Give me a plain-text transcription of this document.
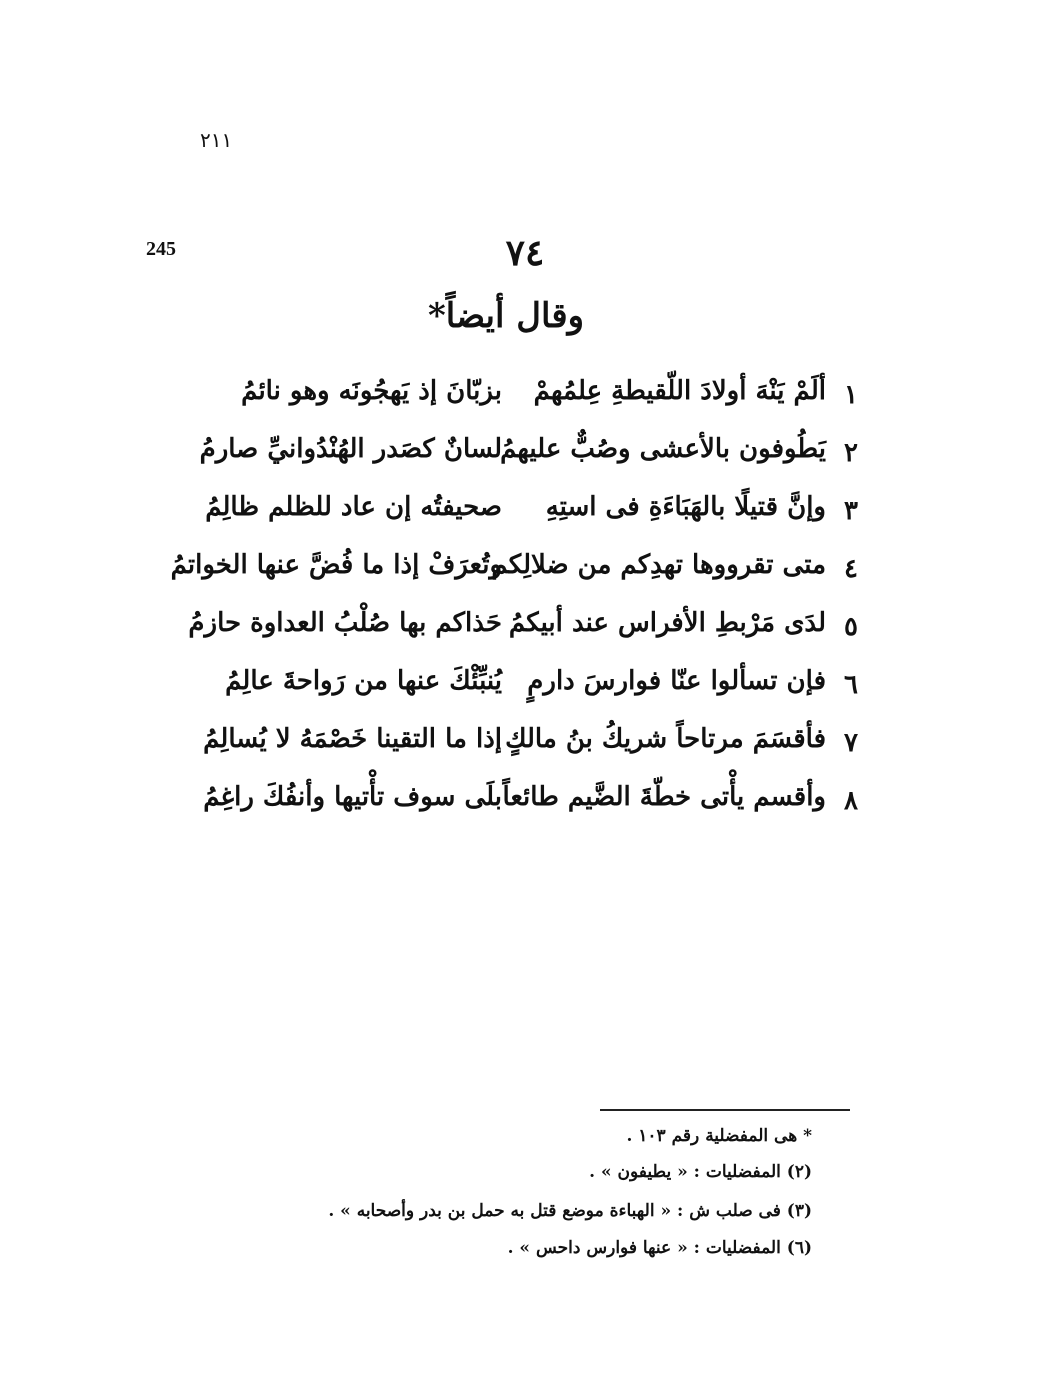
٢١١
245	٧٤
وقال أيضاً*
١
ألَمْ يَنْهَ أولادَ اللّقيطةِ عِلمُهمْ
بزبّانَ إذ يَهجُونَه وهو نائمُ
٢
يَطُوفون بالأعشى وصُبٌّ عليهمُ
لسانٌ كصَدر الهُنْدُوانيِّ صارمُ
٣
وإنَّ قتيلًا بالهَبَاءَةِ فى استِهِ
صحيفتُه إن عاد للظلم ظالِمُ
٤
متى تقرووها تهدِكم من ضلالِكم
وتُعرَفْ إذا ما فُضَّ عنها الخواتمُ
٥
لدَى مَرْبطِ الأفراس عند أبيكمُ
حَذاكم بها صُلْبُ العداوة حازمُ
٦
فإن تسألوا عنّا فوارسَ دارمٍ
يُنبِّئْكَ عنها من رَواحةَ عالِمُ
٧
فأقسَمَ مرتاحاً شريكُ بنُ مالكٍ
إذا ما التقينا خَصْمَهُ لا يُسالِمُ
٨
وأقسم يأْتى خطّةَ الضَّيم طائعاً
بلَى سوف تأْتيها وأنفُكَ راغِمُ
* هى المفضلية رقم ١٠٣ .
(٢) المفضليات : « يطيفون » .
(٣) فى صلب ش : « الهباءة موضع قتل به حمل بن بدر وأصحابه » .
(٦) المفضليات : « عنها فوارس داحس » .
